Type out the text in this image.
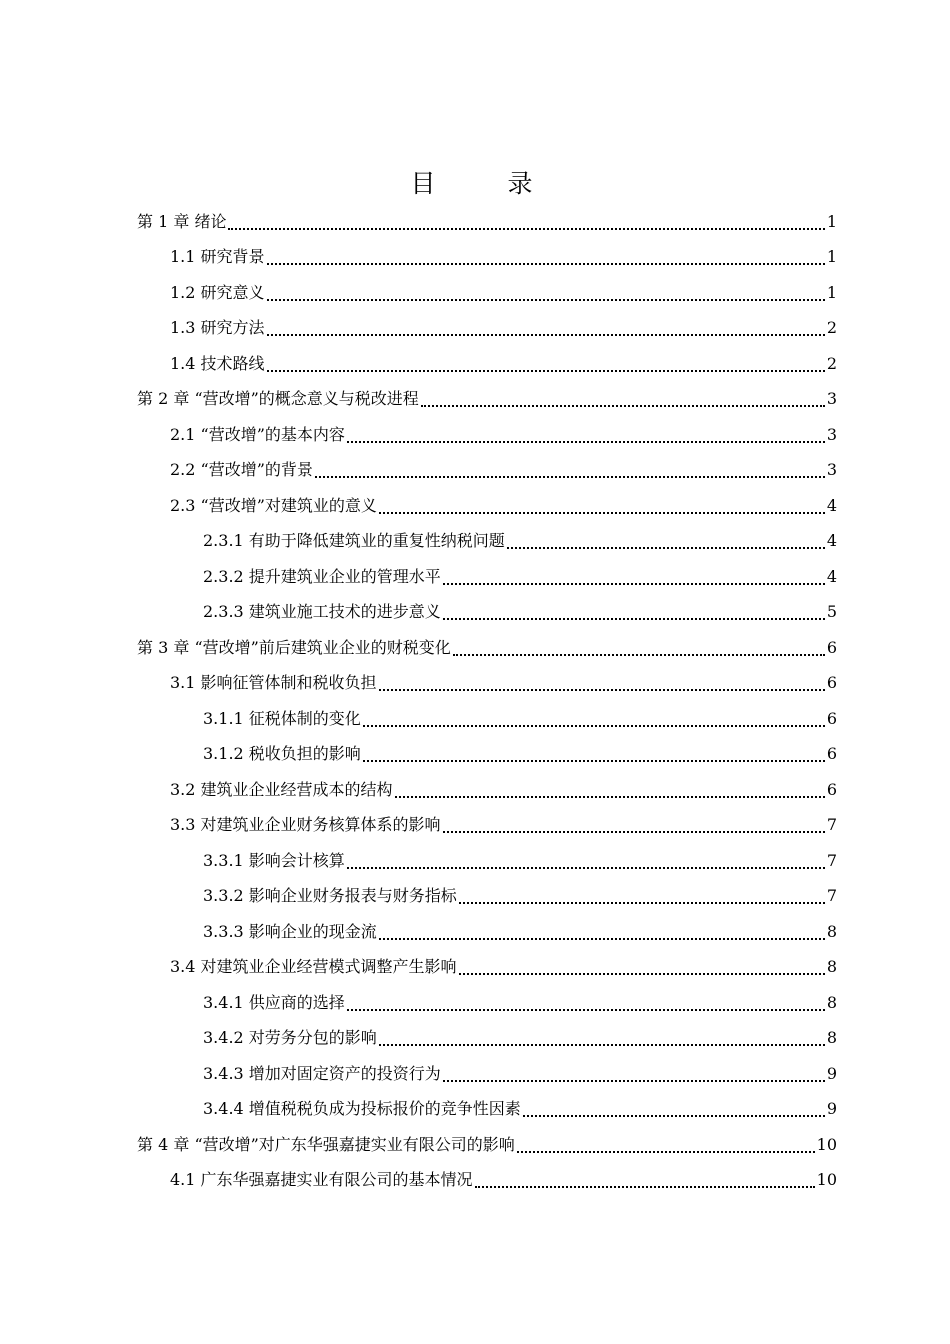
目 录
第 1 章 绪论	1
1.1 研究背景	1
1.2 研究意义	1
1.3 研究方法	2
1.4 技术路线	2
第 2 章 “营改增”的概念意义与税改进程	3
2.1 “营改增”的基本内容	3
2.2 “营改增”的背景	3
2.3 “营改增”对建筑业的意义	4
2.3.1 有助于降低建筑业的重复性纳税问题	4
2.3.2 提升建筑业企业的管理水平	4
2.3.3 建筑业施工技术的进步意义	5
第 3 章 “营改增”前后建筑业企业的财税变化	6
3.1 影响征管体制和税收负担	6
3.1.1 征税体制的变化	6
3.1.2 税收负担的影响	6
3.2 建筑业企业经营成本的结构	6
3.3 对建筑业企业财务核算体系的影响	7
3.3.1 影响会计核算	7
3.3.2 影响企业财务报表与财务指标	7
3.3.3 影响企业的现金流	8
3.4 对建筑业企业经营模式调整产生影响	8
3.4.1 供应商的选择	8
3.4.2 对劳务分包的影响	8
3.4.3 增加对固定资产的投资行为	9
3.4.4 增值税税负成为投标报价的竞争性因素	9
第 4 章 “营改增”对广东华强嘉捷实业有限公司的影响	10
4.1 广东华强嘉捷实业有限公司的基本情况	10
